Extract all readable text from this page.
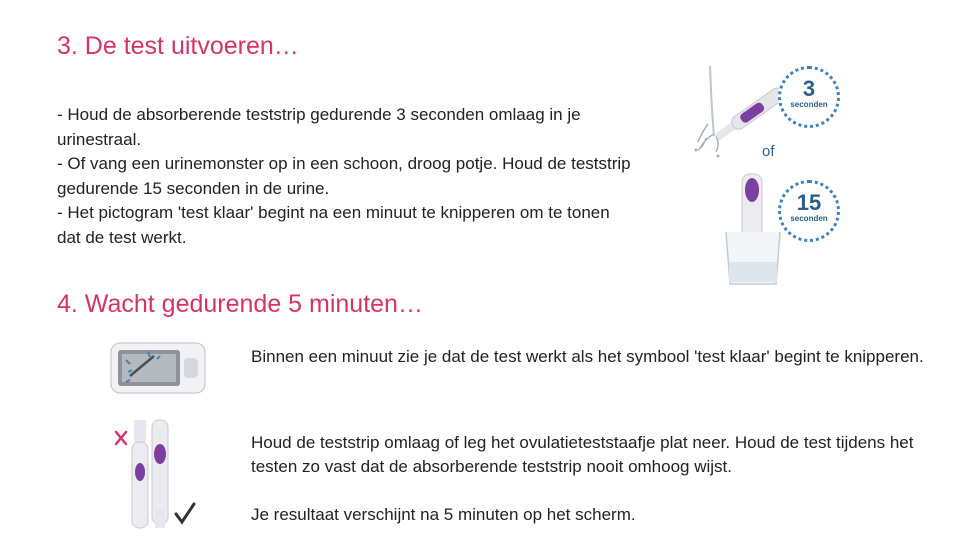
3. De test uitvoeren…

- Houd de absorberende teststrip gedurende 3 seconden omlaag in je urinestraal.

- Of vang een urinemonster op in een schoon, droog potje. Houd de teststrip gedurende 15 seconden in de urine.

- Het pictogram 'test klaar' begint na een minuut te knipperen om te tonen dat de test werkt.

3
seconden
of
15
seconden
4. Wacht gedurende 5 minuten…

Binnen een minuut zie je dat de test werkt als het symbool 'test klaar' begint te knipperen.

Houd de teststrip omlaag of leg het ovulatieteststaafje plat neer. Houd de test tijdens het testen zo vast dat de absorberende teststrip nooit omhoog wijst.

Je resultaat verschijnt na 5 minuten op het scherm.
